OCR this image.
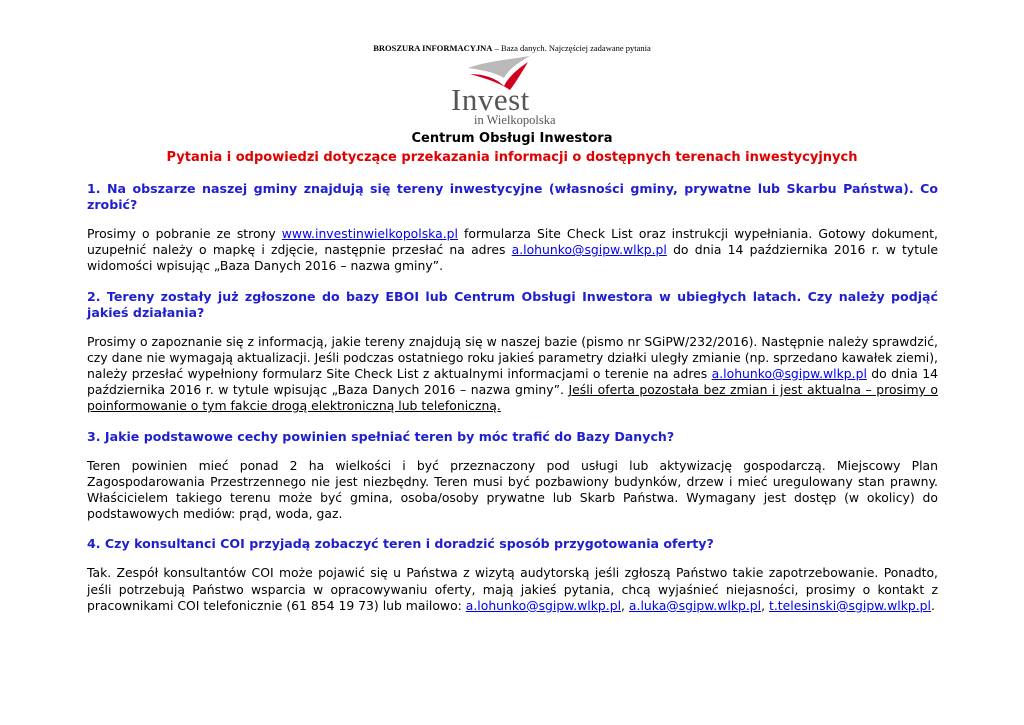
BROSZURA INFORMACYJNA – Baza danych. Najczęściej zadawane pytania
Invest
in Wielkopolska
Centrum Obsługi Inwestora
Pytania i odpowiedzi dotyczące przekazania informacji o dostępnych terenach inwestycyjnych
1. Na obszarze naszej gminy znajdują się tereny inwestycyjne (własności gminy, prywatne lub Skarbu Państwa). Co zrobić?
Prosimy o pobranie ze strony www.investinwielkopolska.pl formularza Site Check List oraz instrukcji wypełniania. Gotowy dokument, uzupełnić należy o mapkę i zdjęcie, następnie przesłać na adres a.lohunko@sgipw.wlkp.pl do dnia 14 października 2016 r. w tytule widomości wpisując „Baza Danych 2016 – nazwa gminy”.
2. Tereny zostały już zgłoszone do bazy EBOI lub Centrum Obsługi Inwestora w ubiegłych latach. Czy należy podjąć jakieś działania?
Prosimy o zapoznanie się z informacją, jakie tereny znajdują się w naszej bazie (pismo nr SGiPW/232/2016). Następnie należy sprawdzić, czy dane nie wymagają aktualizacji. Jeśli podczas ostatniego roku jakieś parametry działki uległy zmianie (np. sprzedano kawałek ziemi), należy przesłać wypełniony formularz Site Check List z aktualnymi informacjami o terenie na adres a.lohunko@sgipw.wlkp.pl do dnia 14 października 2016 r. w tytule wpisując „Baza Danych 2016 – nazwa gminy”. Jeśli oferta pozostała bez zmian i jest aktualna – prosimy o poinformowanie o tym fakcie drogą elektroniczną lub telefoniczną.
3. Jakie podstawowe cechy powinien spełniać teren by móc trafić do Bazy Danych?
Teren powinien mieć ponad 2 ha wielkości i być przeznaczony pod usługi lub aktywizację gospodarczą. Miejscowy Plan Zagospodarowania Przestrzennego nie jest niezbędny. Teren musi być pozbawiony budynków, drzew i mieć uregulowany stan prawny. Właścicielem takiego terenu może być gmina, osoba/osoby prywatne lub Skarb Państwa. Wymagany jest dostęp (w okolicy) do podstawowych mediów: prąd, woda, gaz.
4. Czy konsultanci COI przyjadą zobaczyć teren i doradzić sposób przygotowania oferty?
Tak. Zespół konsultantów COI może pojawić się u Państwa z wizytą audytorską jeśli zgłoszą Państwo takie zapotrzebowanie. Ponadto, jeśli potrzebują Państwo wsparcia w opracowywaniu oferty, mają jakieś pytania, chcą wyjaśnieć niejasności, prosimy o kontakt z pracownikami COI telefonicznie (61 854 19 73) lub mailowo: a.lohunko@sgipw.wlkp.pl, a.luka@sgipw.wlkp.pl, t.telesinski@sgipw.wlkp.pl.
